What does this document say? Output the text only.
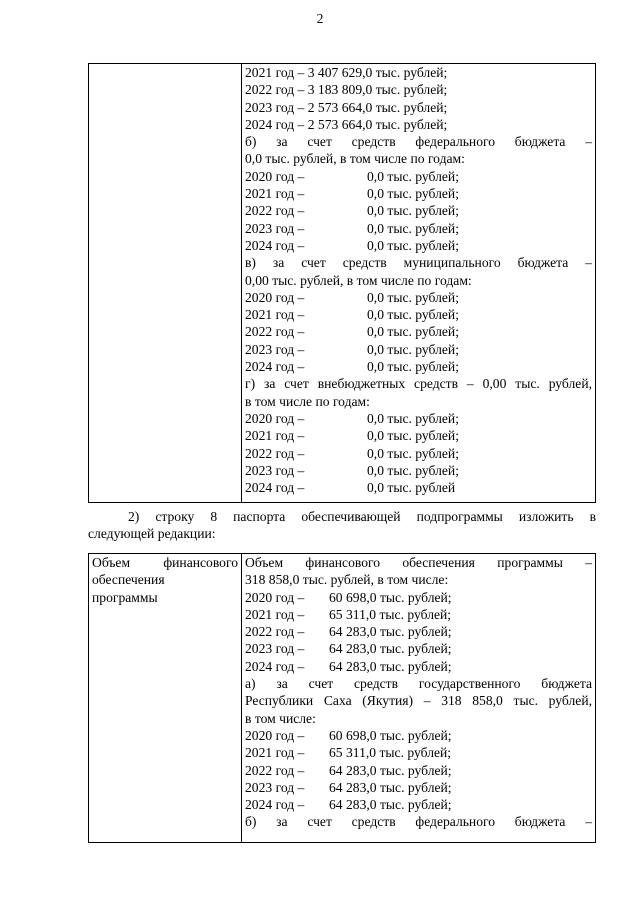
2

2021 год – 3 407 629,0 тыс. рублей;
2022 год – 3 183 809,0 тыс. рублей;
2023 год – 2 573 664,0 тыс. рублей;
2024 год – 2 573 664,0 тыс. рублей;
б) за счет средств федерального бюджета –
0,0 тыс. рублей, в том числе по годам:
2020 год –	0,0 тыс. рублей;
2021 год –	0,0 тыс. рублей;
2022 год –	0,0 тыс. рублей;
2023 год –	0,0 тыс. рублей;
2024 год –	0,0 тыс. рублей;
в) за счет средств муниципального бюджета –
0,00 тыс. рублей, в том числе по годам:
2020 год –	0,0 тыс. рублей;
2021 год –	0,0 тыс. рублей;
2022 год –	0,0 тыс. рублей;
2023 год –	0,0 тыс. рублей;
2024 год –	0,0 тыс. рублей;
г) за счет внебюджетных средств – 0,00 тыс. рублей,
в том числе по годам:
2020 год –	0,0 тыс. рублей;
2021 год –	0,0 тыс. рублей;
2022 год –	0,0 тыс. рублей;
2023 год –	0,0 тыс. рублей;
2024 год –	0,0 тыс. рублей
2) строку 8 паспорта обеспечивающей подпрограммы изложить в
следующей редакции:
Объем финансового
обеспечения
программы

Объем финансового обеспечения программы –
318 858,0 тыс. рублей, в том числе:
2020 год – 60 698,0 тыс. рублей;
2021 год – 65 311,0 тыс. рублей;
2022 год – 64 283,0 тыс. рублей;
2023 год – 64 283,0 тыс. рублей;
2024 год – 64 283,0 тыс. рублей;
а) за счет средств государственного бюджета
Республики Саха (Якутия) – 318 858,0 тыс. рублей,
в том числе:
2020 год – 60 698,0 тыс. рублей;
2021 год – 65 311,0 тыс. рублей;
2022 год – 64 283,0 тыс. рублей;
2023 год – 64 283,0 тыс. рублей;
2024 год – 64 283,0 тыс. рублей;
б) за счет средств федерального бюджета –
